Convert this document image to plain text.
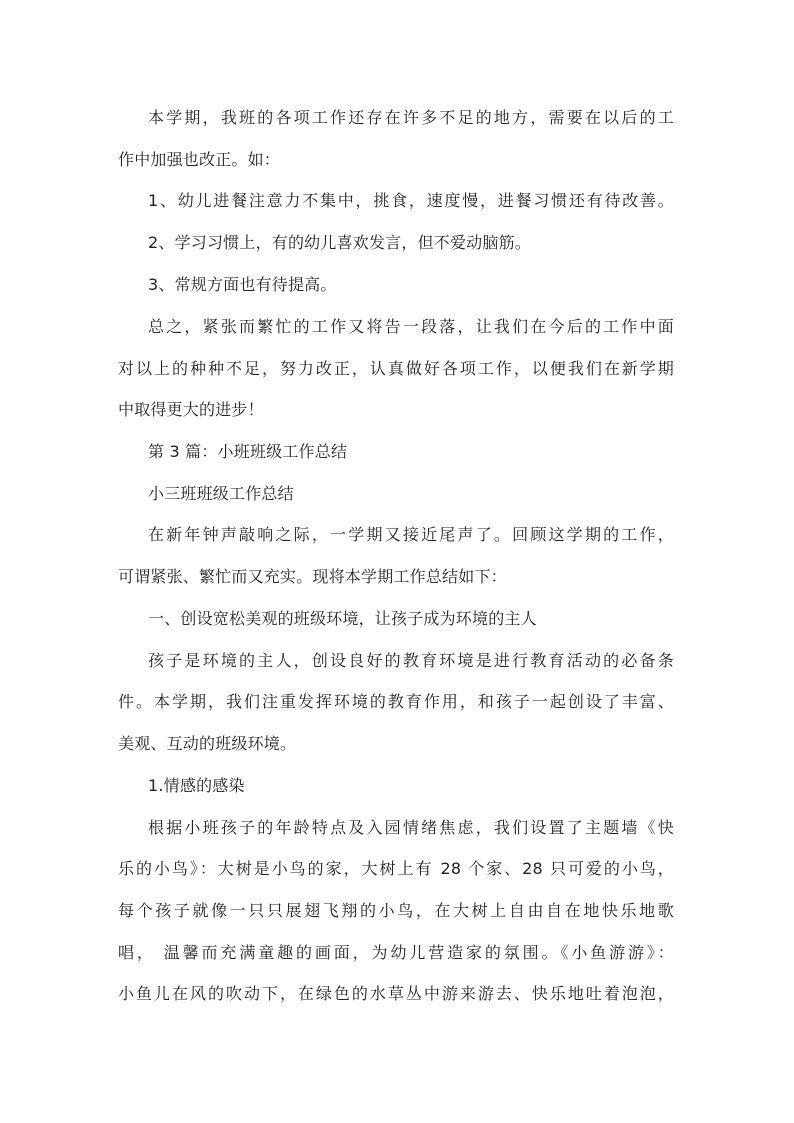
本学期，我班的各项工作还存在许多不足的地方，需要在以后的工
作中加强也改正。如：
1、幼儿进餐注意力不集中，挑食，速度慢，进餐习惯还有待改善。
2、学习习惯上，有的幼儿喜欢发言，但不爱动脑筋。
3、常规方面也有待提高。
总之，紧张而繁忙的工作又将告一段落，让我们在今后的工作中面
对以上的种种不足，努力改正，认真做好各项工作，以便我们在新学期
中取得更大的进步！
第 3 篇：小班班级工作总结
小三班班级工作总结
在新年钟声敲响之际，一学期又接近尾声了。回顾这学期的工作，
可谓紧张、繁忙而又充实。现将本学期工作总结如下：
一、创设宽松美观的班级环境，让孩子成为环境的主人
孩子是环境的主人，创设良好的教育环境是进行教育活动的必备条
件。本学期，我们注重发挥环境的教育作用，和孩子一起创设了丰富、
美观、互动的班级环境。
1.情感的感染
根据小班孩子的年龄特点及入园情绪焦虑，我们设置了主题墙《快
乐的小鸟》：大树是小鸟的家，大树上有 28 个家、28 只可爱的小鸟，
每个孩子就像一只只展翅飞翔的小鸟，在大树上自由自在地快乐地歌
唱， 温馨而充满童趣的画面，为幼儿营造家的氛围。《小鱼游游》：
小鱼儿在风的吹动下，在绿色的水草丛中游来游去、快乐地吐着泡泡，
